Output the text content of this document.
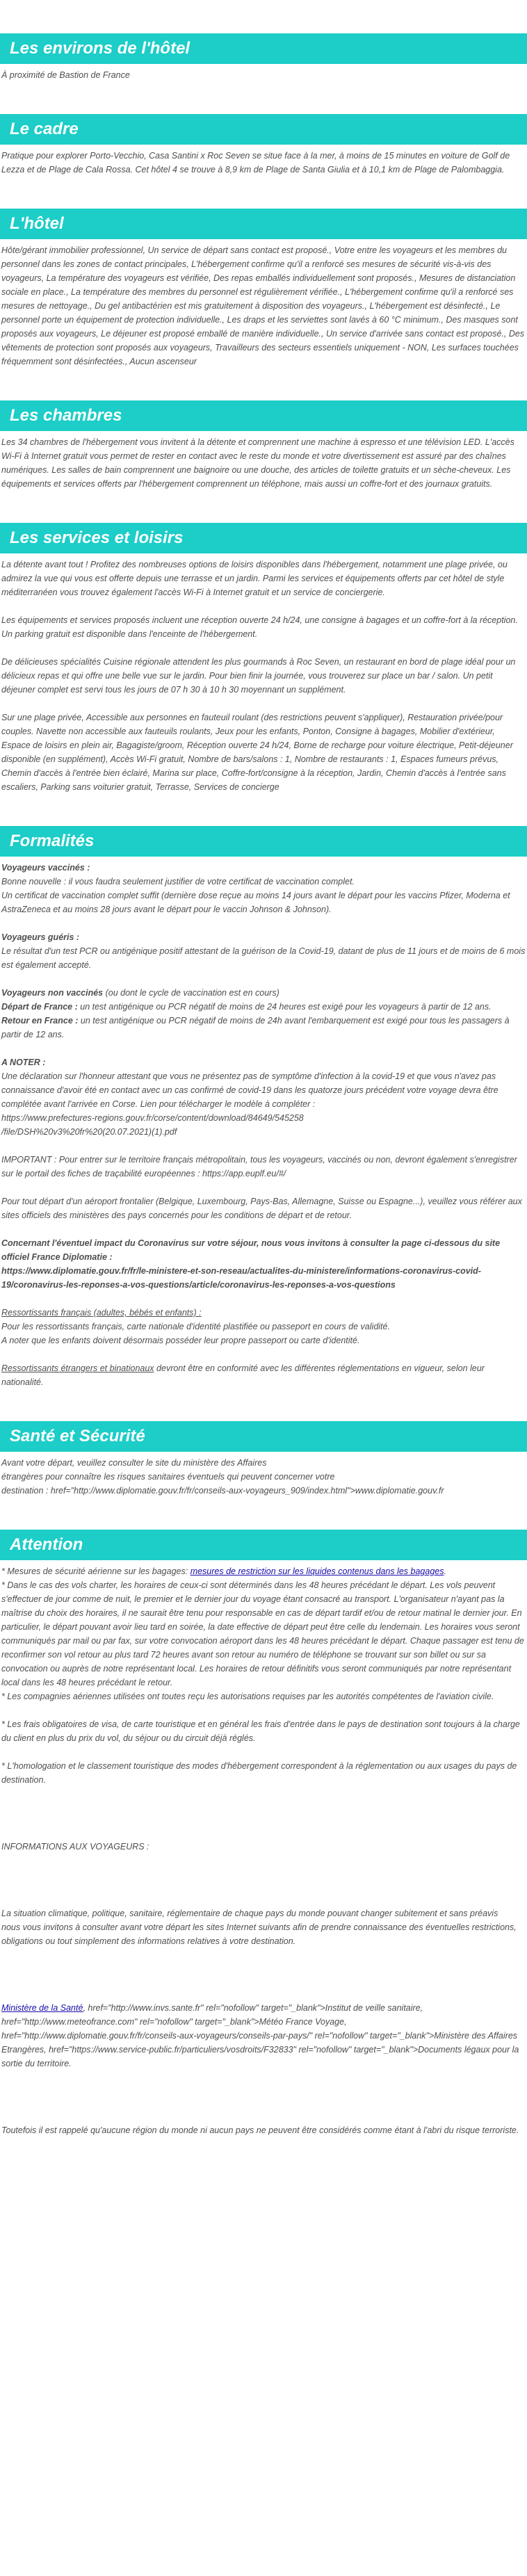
Les environs de l'hôtel

À proximité de Bastion de France

Le cadre

Pratique pour explorer Porto-Vecchio, Casa Santini x Roc Seven se situe face à la mer, à moins de 15 minutes en voiture de Golf de Lezza et de Plage de Cala Rossa. Cet hôtel 4 se trouve à 8,9 km de Plage de Santa Giulia et à 10,1 km de Plage de Palombaggia.

L'hôtel

Hôte/gérant immobilier professionnel, Un service de départ sans contact est proposé., Votre entre les voyageurs et les membres du personnel dans les zones de contact principales, L'hébergement confirme qu'il a renforcé ses mesures de sécurité vis-à-vis des voyageurs, La température des voyageurs est vérifiée, Des repas emballés individuellement sont proposés., Mesures de distanciation sociale en place., La température des membres du personnel est régulièrement vérifiée., L'hébergement confirme qu'il a renforcé ses mesures de nettoyage., Du gel antibactérien est mis gratuitement à disposition des voyageurs., L'hébergement est désinfecté., Le personnel porte un équipement de protection individuelle., Les draps et les serviettes sont lavés à 60 °C minimum., Des masques sont proposés aux voyageurs, Le déjeuner est proposé emballé de manière individuelle., Un service d'arrivée sans contact est proposé., Des vêtements de protection sont proposés aux voyageurs, Travailleurs des secteurs essentiels uniquement - NON, Les surfaces touchées fréquemment sont désinfectées., Aucun ascenseur

Les chambres

Les 34 chambres de l'hébergement vous invitent à la détente et comprennent une machine à espresso et une télévision LED. L'accès Wi-Fi à Internet gratuit vous permet de rester en contact avec le reste du monde et votre divertissement est assuré par des chaînes numériques. Les salles de bain comprennent une baignoire ou une douche, des articles de toilette gratuits et un sèche-cheveux. Les équipements et services offerts par l'hébergement comprennent un téléphone, mais aussi un coffre-fort et des journaux gratuits.

Les services et loisirs

La détente avant tout ! Profitez des nombreuses options de loisirs disponibles dans l'hébergement, notamment une plage privée, ou admirez la vue qui vous est offerte depuis une terrasse et un jardin. Parmi les services et équipements offerts par cet hôtel de style méditerranéen vous trouvez également l'accès Wi-Fi à Internet gratuit et un service de conciergerie.

Les équipements et services proposés incluent une réception ouverte 24 h/24, une consigne à bagages et un coffre-fort à la réception. Un parking gratuit est disponible dans l'enceinte de l'hébergement.

De délicieuses spécialités Cuisine régionale attendent les plus gourmands à Roc Seven, un restaurant en bord de plage idéal pour un délicieux repas et qui offre une belle vue sur le jardin. Pour bien finir la journée, vous trouverez sur place un bar / salon. Un petit déjeuner complet est servi tous les jours de 07 h 30 à 10 h 30 moyennant un supplément.

Sur une plage privée, Accessible aux personnes en fauteuil roulant (des restrictions peuvent s'appliquer), Restauration privée/pour couples. Navette non accessible aux fauteuils roulants, Jeux pour les enfants, Ponton, Consigne à bagages, Mobilier d'extérieur, Espace de loisirs en plein air, Bagagiste/groom, Réception ouverte 24 h/24, Borne de recharge pour voiture électrique, Petit-déjeuner disponible (en supplément), Accès Wi-Fi gratuit, Nombre de bars/salons : 1, Nombre de restaurants : 1, Espaces fumeurs prévus, Chemin d'accès à l'entrée bien éclairé, Marina sur place, Coffre-fort/consigne à la réception, Jardin, Chemin d'accès à l'entrée sans escaliers, Parking sans voiturier gratuit, Terrasse, Services de concierge

Formalités

Voyageurs vaccinés :
Bonne nouvelle : il vous faudra seulement justifier de votre certificat de vaccination complet.
Un certificat de vaccination complet suffit (dernière dose reçue au moins 14 jours avant le départ pour les vaccins Pfizer, Moderna et AstraZeneca et au moins 28 jours avant le départ pour le vaccin Johnson & Johnson).

Voyageurs guéris :
Le résultat d'un test PCR ou antigénique positif attestant de la guérison de la Covid-19, datant de plus de 11 jours et de moins de 6 mois est également accepté.

Voyageurs non vaccinés (ou dont le cycle de vaccination est en cours)
Départ de France : un test antigénique ou PCR négatif de moins de 24 heures est exigé pour les voyageurs à partir de 12 ans.
Retour en France : un test antigénique ou PCR négatif de moins de 24h avant l'embarquement est exigé pour tous les passagers à partir de 12 ans.

A NOTER :
Une déclaration sur l'honneur attestant que vous ne présentez pas de symptôme d'infection à la covid-19 et que vous n'avez pas connaissance d'avoir été en contact avec un cas confirmé de covid-19 dans les quatorze jours précédent votre voyage devra être complétée avant l'arrivée en Corse. Lien pour télécharger le modèle à compléter :
https://www.prefectures-regions.gouv.fr/corse/content/download/84649/545258
/file/DSH%20v3%20fr%20(20.07.2021)(1).pdf

IMPORTANT : Pour entrer sur le territoire français métropolitain, tous les voyageurs, vaccinés ou non, devront également s'enregistrer sur le portail des fiches de traçabilité européennes : https://app.euplf.eu/#/

Pour tout départ d'un aéroport frontalier (Belgique, Luxembourg, Pays-Bas, Allemagne, Suisse ou Espagne...), veuillez vous référer aux sites officiels des ministères des pays concernés pour les conditions de départ et de retour.

Concernant l'éventuel impact du Coronavirus sur votre séjour, nous vous invitons à consulter la page ci-dessous du site officiel France Diplomatie :
https://www.diplomatie.gouv.fr/fr/le-ministere-et-son-reseau/actualites-du-ministere/informations-coronavirus-covid-19/coronavirus-les-reponses-a-vos-questions/article/coronavirus-les-reponses-a-vos-questions

Ressortissants français (adultes, bébés et enfants) :
Pour les ressortissants français, carte nationale d'identité plastifiée ou passeport en cours de validité.
A noter que les enfants doivent désormais posséder leur propre passeport ou carte d'identité.

Ressortissants étrangers et binationaux devront être en conformité avec les différentes réglementations en vigueur, selon leur nationalité.

Santé et Sécurité

Avant votre départ, veuillez consulter le site du ministère des Affaires
étrangères pour connaître les risques sanitaires éventuels qui peuvent concerner votre
destination : href="http://www.diplomatie.gouv.fr/fr/conseils-aux-voyageurs_909/index.html">www.diplomatie.gouv.fr

Attention

* Mesures de sécurité aérienne sur les bagages: mesures de restriction sur les liquides contenus dans les bagages.
* Dans le cas des vols charter, les horaires de ceux-ci sont déterminés dans les 48 heures précédant le départ. Les vols peuvent s'effectuer de jour comme de nuit, le premier et le dernier jour du voyage étant consacré au transport. L'organisateur n'ayant pas la maîtrise du choix des horaires, il ne saurait être tenu pour responsable en cas de départ tardif et/ou de retour matinal le dernier jour. En particulier, le départ pouvant avoir lieu tard en soirée, la date effective de départ peut être celle du lendemain. Les horaires vous seront communiqués par mail ou par fax, sur votre convocation aéroport dans les 48 heures précédant le départ. Chaque passager est tenu de reconfirmer son vol retour au plus tard 72 heures avant son retour au numéro de téléphone se trouvant sur son billet ou sur sa convocation ou auprès de notre représentant local. Les horaires de retour définitifs vous seront communiqués par notre représentant local dans les 48 heures précédant le retour.
* Les compagnies aériennes utilisées ont toutes reçu les autorisations requises par les autorités compétentes de l'aviation civile.

* Les frais obligatoires de visa, de carte touristique et en général les frais d'entrée dans le pays de destination sont toujours à la charge du client en plus du prix du vol, du séjour ou du circuit déjà réglés.

* L'homologation et le classement touristique des modes d'hébergement correspondent à la réglementation ou aux usages du pays de destination.

INFORMATIONS AUX VOYAGEURS :

La situation climatique, politique, sanitaire, réglementaire de chaque pays du monde pouvant changer subitement et sans préavis
nous vous invitons à consulter avant votre départ les sites Internet suivants afin de prendre connaissance des éventuelles restrictions, obligations ou tout simplement des informations relatives à votre destination.

Ministère de la Santé, href="http://www.invs.sante.fr" rel="nofollow" target="_blank">Institut de veille sanitaire, href="http://www.meteofrance.com" rel="nofollow" target="_blank">Météo France Voyage, href="http://www.diplomatie.gouv.fr/fr/conseils-aux-voyageurs/conseils-par-pays/" rel="nofollow" target="_blank">Ministère des Affaires Etrangères, href="https://www.service-public.fr/particuliers/vosdroits/F32833" rel="nofollow" target="_blank">Documents légaux pour la sortie du territoire.

Toutefois il est rappelé qu'aucune région du monde ni aucun pays ne peuvent être considérés comme étant à l'abri du risque terroriste.
